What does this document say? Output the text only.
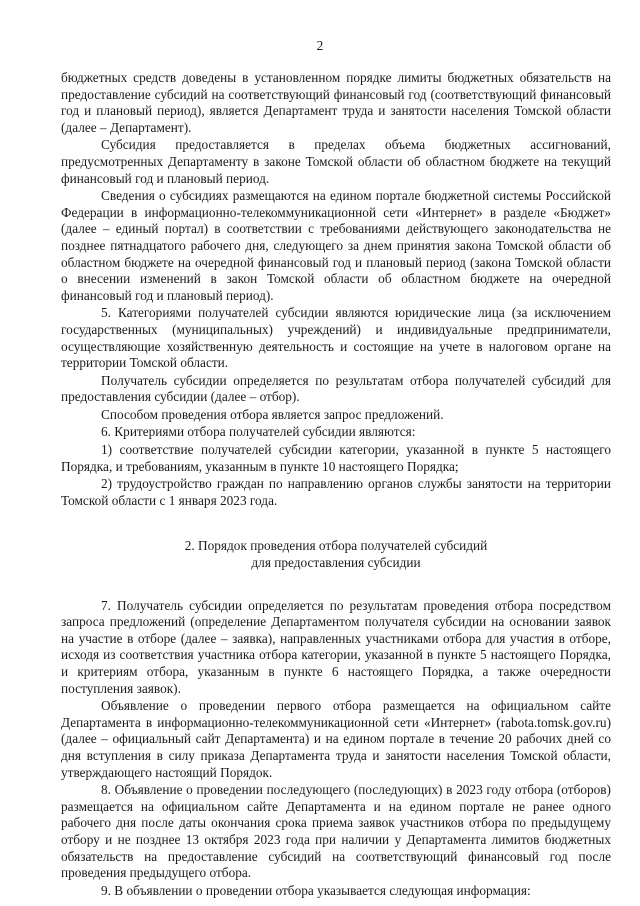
2

бюджетных средств доведены в установленном порядке лимиты бюджетных обязательств на предоставление субсидий на соответствующий финансовый год (соответствующий финансовый год и плановый период), является Департамент труда и занятости населения Томской области (далее – Департамент).

Субсидия предоставляется в пределах объема бюджетных ассигнований, предусмотренных Департаменту в законе Томской области об областном бюджете на текущий финансовый год и плановый период.

Сведения о субсидиях размещаются на едином портале бюджетной системы Российской Федерации в информационно-телекоммуникационной сети «Интернет» в разделе «Бюджет» (далее – единый портал) в соответствии с требованиями действующего законодательства не позднее пятнадцатого рабочего дня, следующего за днем принятия закона Томской области об областном бюджете на очередной финансовый год и плановый период (закона Томской области о внесении изменений в закон Томской области об областном бюджете на очередной финансовый год и плановый период).

5. Категориями получателей субсидии являются юридические лица (за исключением государственных (муниципальных) учреждений) и индивидуальные предприниматели, осуществляющие хозяйственную деятельность и состоящие на учете в налоговом органе на территории Томской области.

Получатель субсидии определяется по результатам отбора получателей субсидий для предоставления субсидии (далее – отбор).

Способом проведения отбора является запрос предложений.

6. Критериями отбора получателей субсидии являются:

1) соответствие получателей субсидии категории, указанной в пункте 5 настоящего Порядка, и требованиям, указанным в пункте 10 настоящего Порядка;

2) трудоустройство граждан по направлению органов службы занятости на территории Томской области с 1 января 2023 года.

2. Порядок проведения отбора получателей субсидий

для предоставления субсидии

7. Получатель субсидии определяется по результатам проведения отбора посредством запроса предложений (определение Департаментом получателя субсидии на основании заявок на участие в отборе (далее – заявка), направленных участниками отбора для участия в отборе, исходя из соответствия участника отбора категории, указанной в пункте 5 настоящего Порядка, и критериям отбора, указанным в пункте 6 настоящего Порядка, а также очередности поступления заявок).

Объявление о проведении первого отбора размещается на официальном сайте Департамента в информационно-телекоммуникационной сети «Интернет» (rabota.tomsk.gov.ru) (далее – официальный сайт Департамента) и на едином портале в течение 20 рабочих дней со дня вступления в силу приказа Департамента труда и занятости населения Томской области, утверждающего настоящий Порядок.

8. Объявление о проведении последующего (последующих) в 2023 году отбора (отборов) размещается на официальном сайте Департамента и на едином портале не ранее одного рабочего дня после даты окончания срока приема заявок участников отбора по предыдущему отбору и не позднее 13 октября 2023 года при наличии у Департамента лимитов бюджетных обязательств на предоставление субсидий на соответствующий финансовый год после проведения предыдущего отбора.

9. В объявлении о проведении отбора указывается следующая информация:
